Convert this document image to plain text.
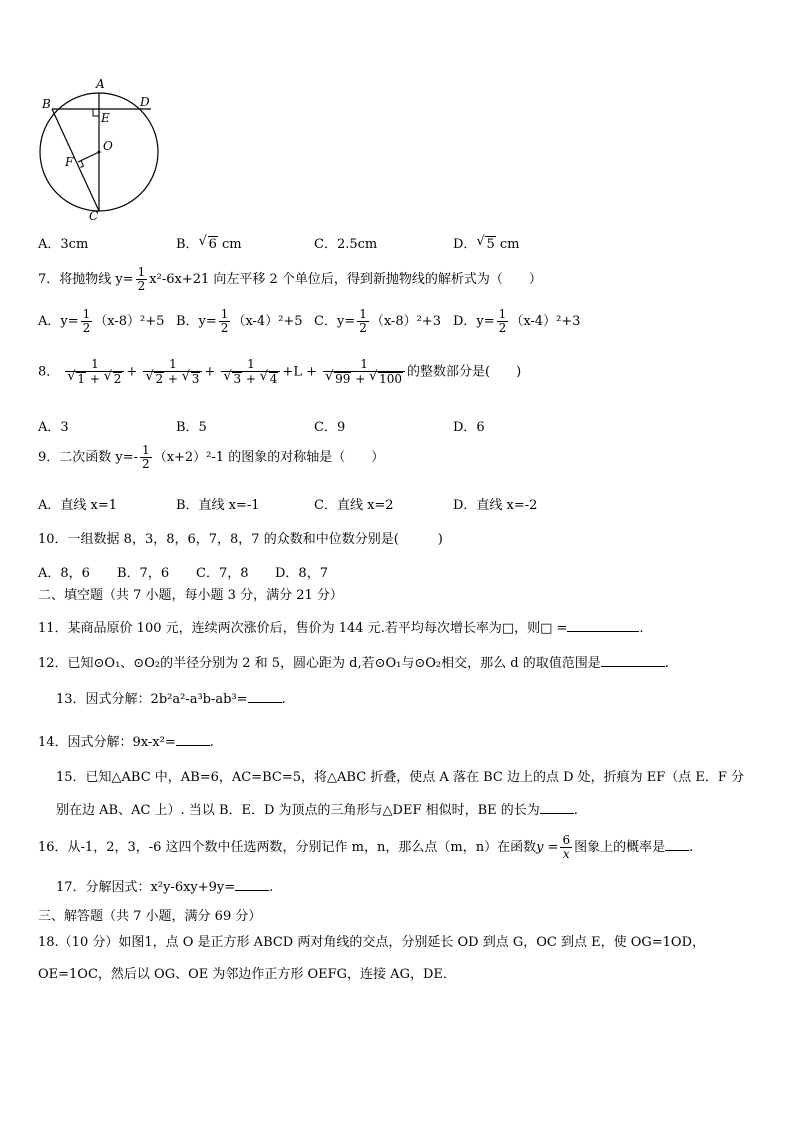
A
B	D
E
O
F
C
A．3cm	B． √ 6 cm	C．2.5cm	D． √ 5 cm
7．将抛物线 $y= \frac{1}{2} x^2-6x+21$ 向左平移 2 个单位后，得到新抛物线的解析式为（　　）
A．$y= \frac{1}{2} (x-8)^2+5$ B．$y= \frac{1}{2} (x-4)^2+5$ C．$y= \frac{1}{2} (x-8)^2+3$ D．$y= \frac{1}{2} (x-4)^2+3$
8． 1
√ 1 + √ 2 + 1
√ 2 + √ 3 + 1
√ 3 + √ 4 +L + 1
√ 99 + √ 100 的整数部分是(　　)
A．3	B．5	C．9	D．6
9．二次函数 $y=- \frac{1}{2} (x+2)^2-1$ 的图象的对称轴是（　　）
A．直线 x=1	B．直线 x=-1	C．直线 x=2	D．直线 x=-2
10．一组数据 8，3，8，6，7，8，7 的众数和中位数分别是(　　　)
A．8，6 B．7，6 C．7，8 D．8，7
二、填空题（共 7 小题，每小题 3 分，满分 21 分）
11．某商品原价 100 元，连续两次涨价后，售价为 144 元.若平均每次增长率为□，则□ =	.
12．已知⊙O₁、⊙O₂的半径分别为 2 和 5，圆心距为 d,若⊙O₁与⊙O₂相交，那么 d 的取值范围是	.
13．因式分解：2b²a²-a³b-ab³=	.
14．因式分解：9x-x²=	.
15．已知△ABC 中，AB=6，AC=BC=5，将△ABC 折叠，使点 A 落在 BC 边上的点 D 处，折痕为 EF（点 E．F 分
别在边 AB、AC 上）. 当以 B．E．D 为顶点的三角形与△DEF 相似时，BE 的长为	.
16．从-1，2，3，-6 这四个数中任选两数，分别记作 m，n，那么点（m，n）在函数$y = \frac{6}{x}$ 图象上的概率是 .
17．分解因式：x²y-6xy+9y=	.
三、解答题（共 7 小题，满分 69 分）
18.（10 分）如图1，点 O 是正方形 ABCD 两对角线的交点，分别延长 OD 到点 G，OC 到点 E，使 OG=1OD，
OE=1OC，然后以 OG、OE 为邻边作正方形 OEFG，连接 AG，DE．
